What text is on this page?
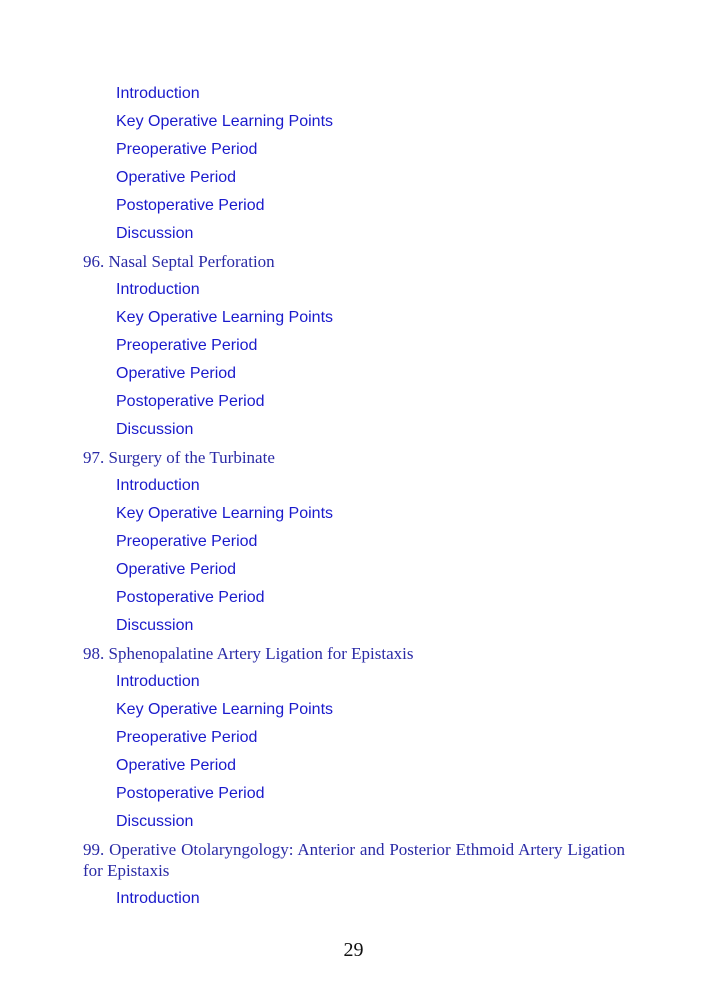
Introduction
Key Operative Learning Points
Preoperative Period
Operative Period
Postoperative Period
Discussion
96. Nasal Septal Perforation
Introduction
Key Operative Learning Points
Preoperative Period
Operative Period
Postoperative Period
Discussion
97. Surgery of the Turbinate
Introduction
Key Operative Learning Points
Preoperative Period
Operative Period
Postoperative Period
Discussion
98. Sphenopalatine Artery Ligation for Epistaxis
Introduction
Key Operative Learning Points
Preoperative Period
Operative Period
Postoperative Period
Discussion
99. Operative Otolaryngology: Anterior and Posterior Ethmoid Artery Ligation for Epistaxis
Introduction
29
